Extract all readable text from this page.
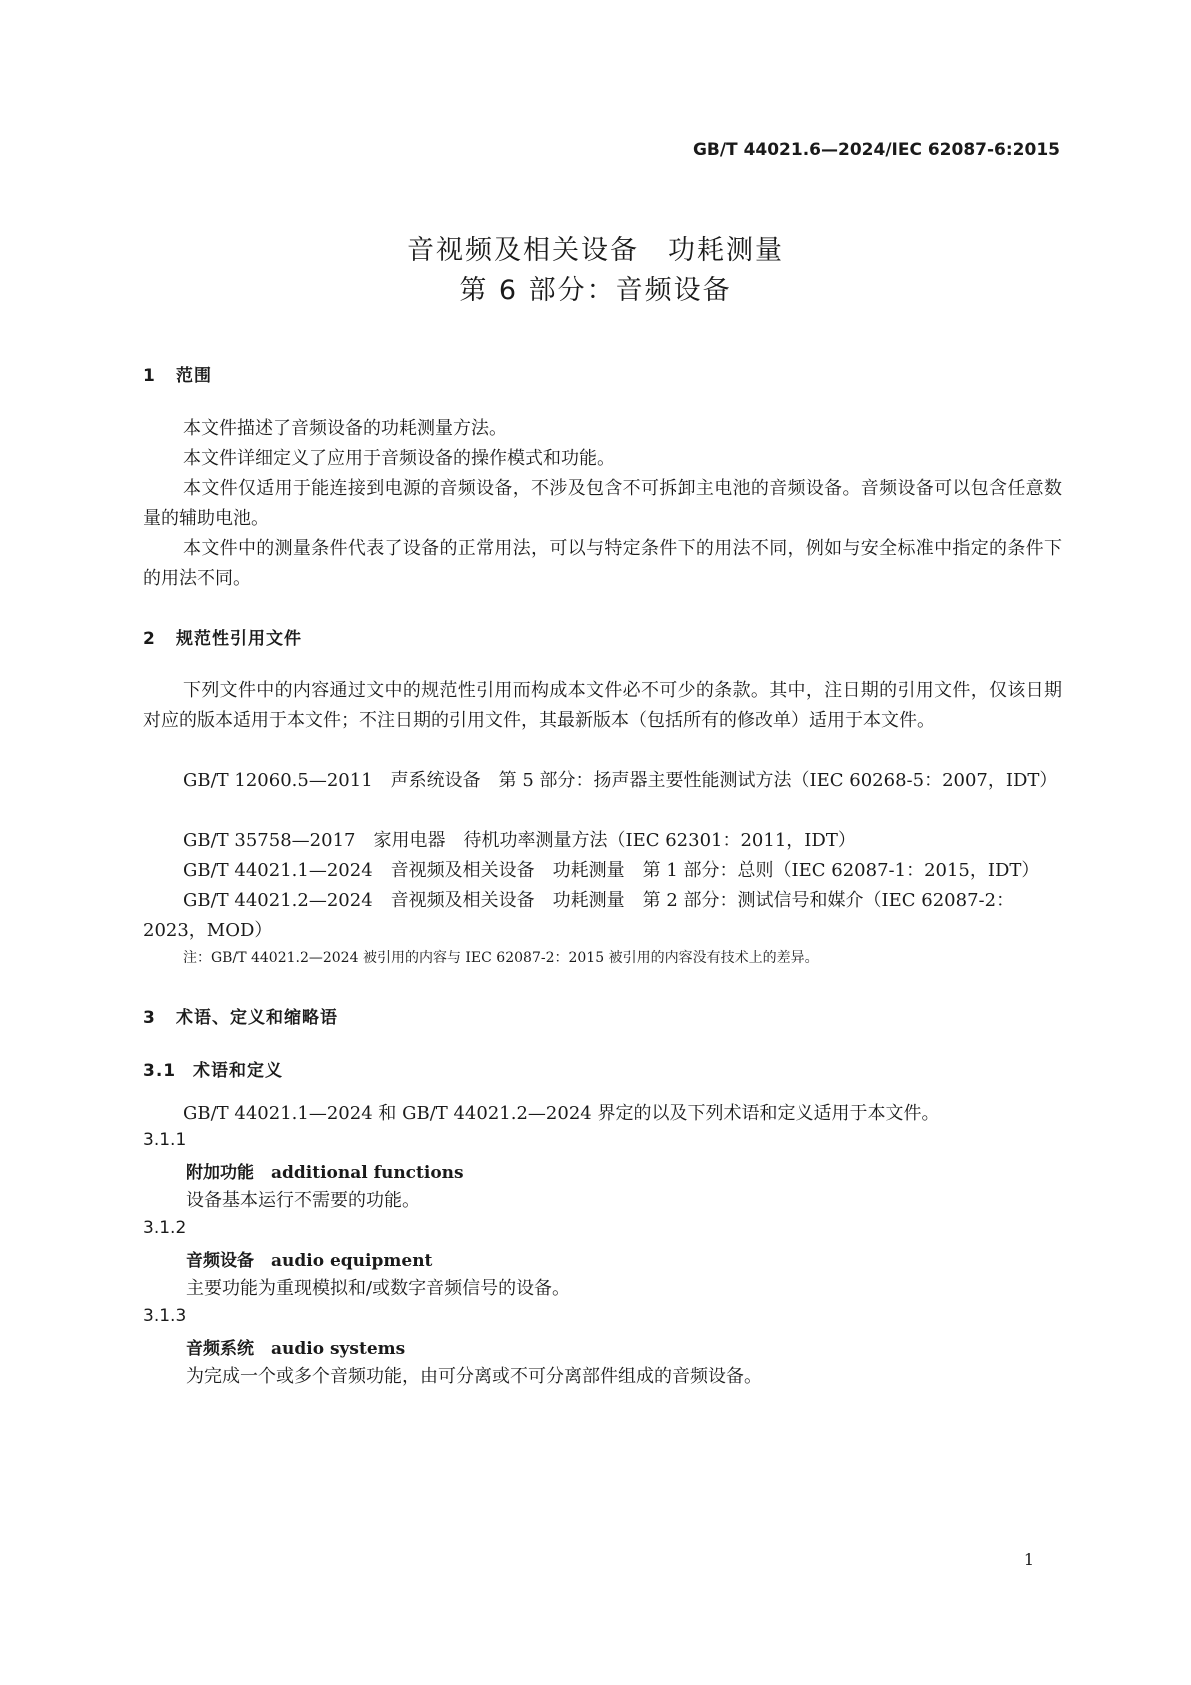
GB/T 44021.6—2024/IEC 62087-6:2015
音视频及相关设备　功耗测量
第 6 部分：音频设备
1 范围
本文件描述了音频设备的功耗测量方法。
本文件详细定义了应用于音频设备的操作模式和功能。
本文件仅适用于能连接到电源的音频设备，不涉及包含不可拆卸主电池的音频设备。音频设备可以包含任意数量的辅助电池。
本文件中的测量条件代表了设备的正常用法，可以与特定条件下的用法不同，例如与安全标准中指定的条件下的用法不同。
2 规范性引用文件
下列文件中的内容通过文中的规范性引用而构成本文件必不可少的条款。其中，注日期的引用文件，仅该日期对应的版本适用于本文件；不注日期的引用文件，其最新版本（包括所有的修改单）适用于本文件。
GB/T 12060.5—2011　声系统设备　第 5 部分：扬声器主要性能测试方法（IEC 60268-5：2007，IDT）
GB/T 35758—2017　家用电器　待机功率测量方法（IEC 62301：2011，IDT）
GB/T 44021.1—2024　音视频及相关设备　功耗测量　第 1 部分：总则（IEC 62087-1：2015，IDT）
GB/T 44021.2—2024　音视频及相关设备　功耗测量　第 2 部分：测试信号和媒介（IEC 62087-2：2023，MOD）
注：GB/T 44021.2—2024 被引用的内容与 IEC 62087-2：2015 被引用的内容没有技术上的差异。
3 术语、定义和缩略语
3.1 术语和定义
GB/T 44021.1—2024 和 GB/T 44021.2—2024 界定的以及下列术语和定义适用于本文件。
3.1.1
附加功能　additional functions
设备基本运行不需要的功能。
3.1.2
音频设备　audio equipment
主要功能为重现模拟和/或数字音频信号的设备。
3.1.3
音频系统　audio systems
为完成一个或多个音频功能，由可分离或不可分离部件组成的音频设备。
1
